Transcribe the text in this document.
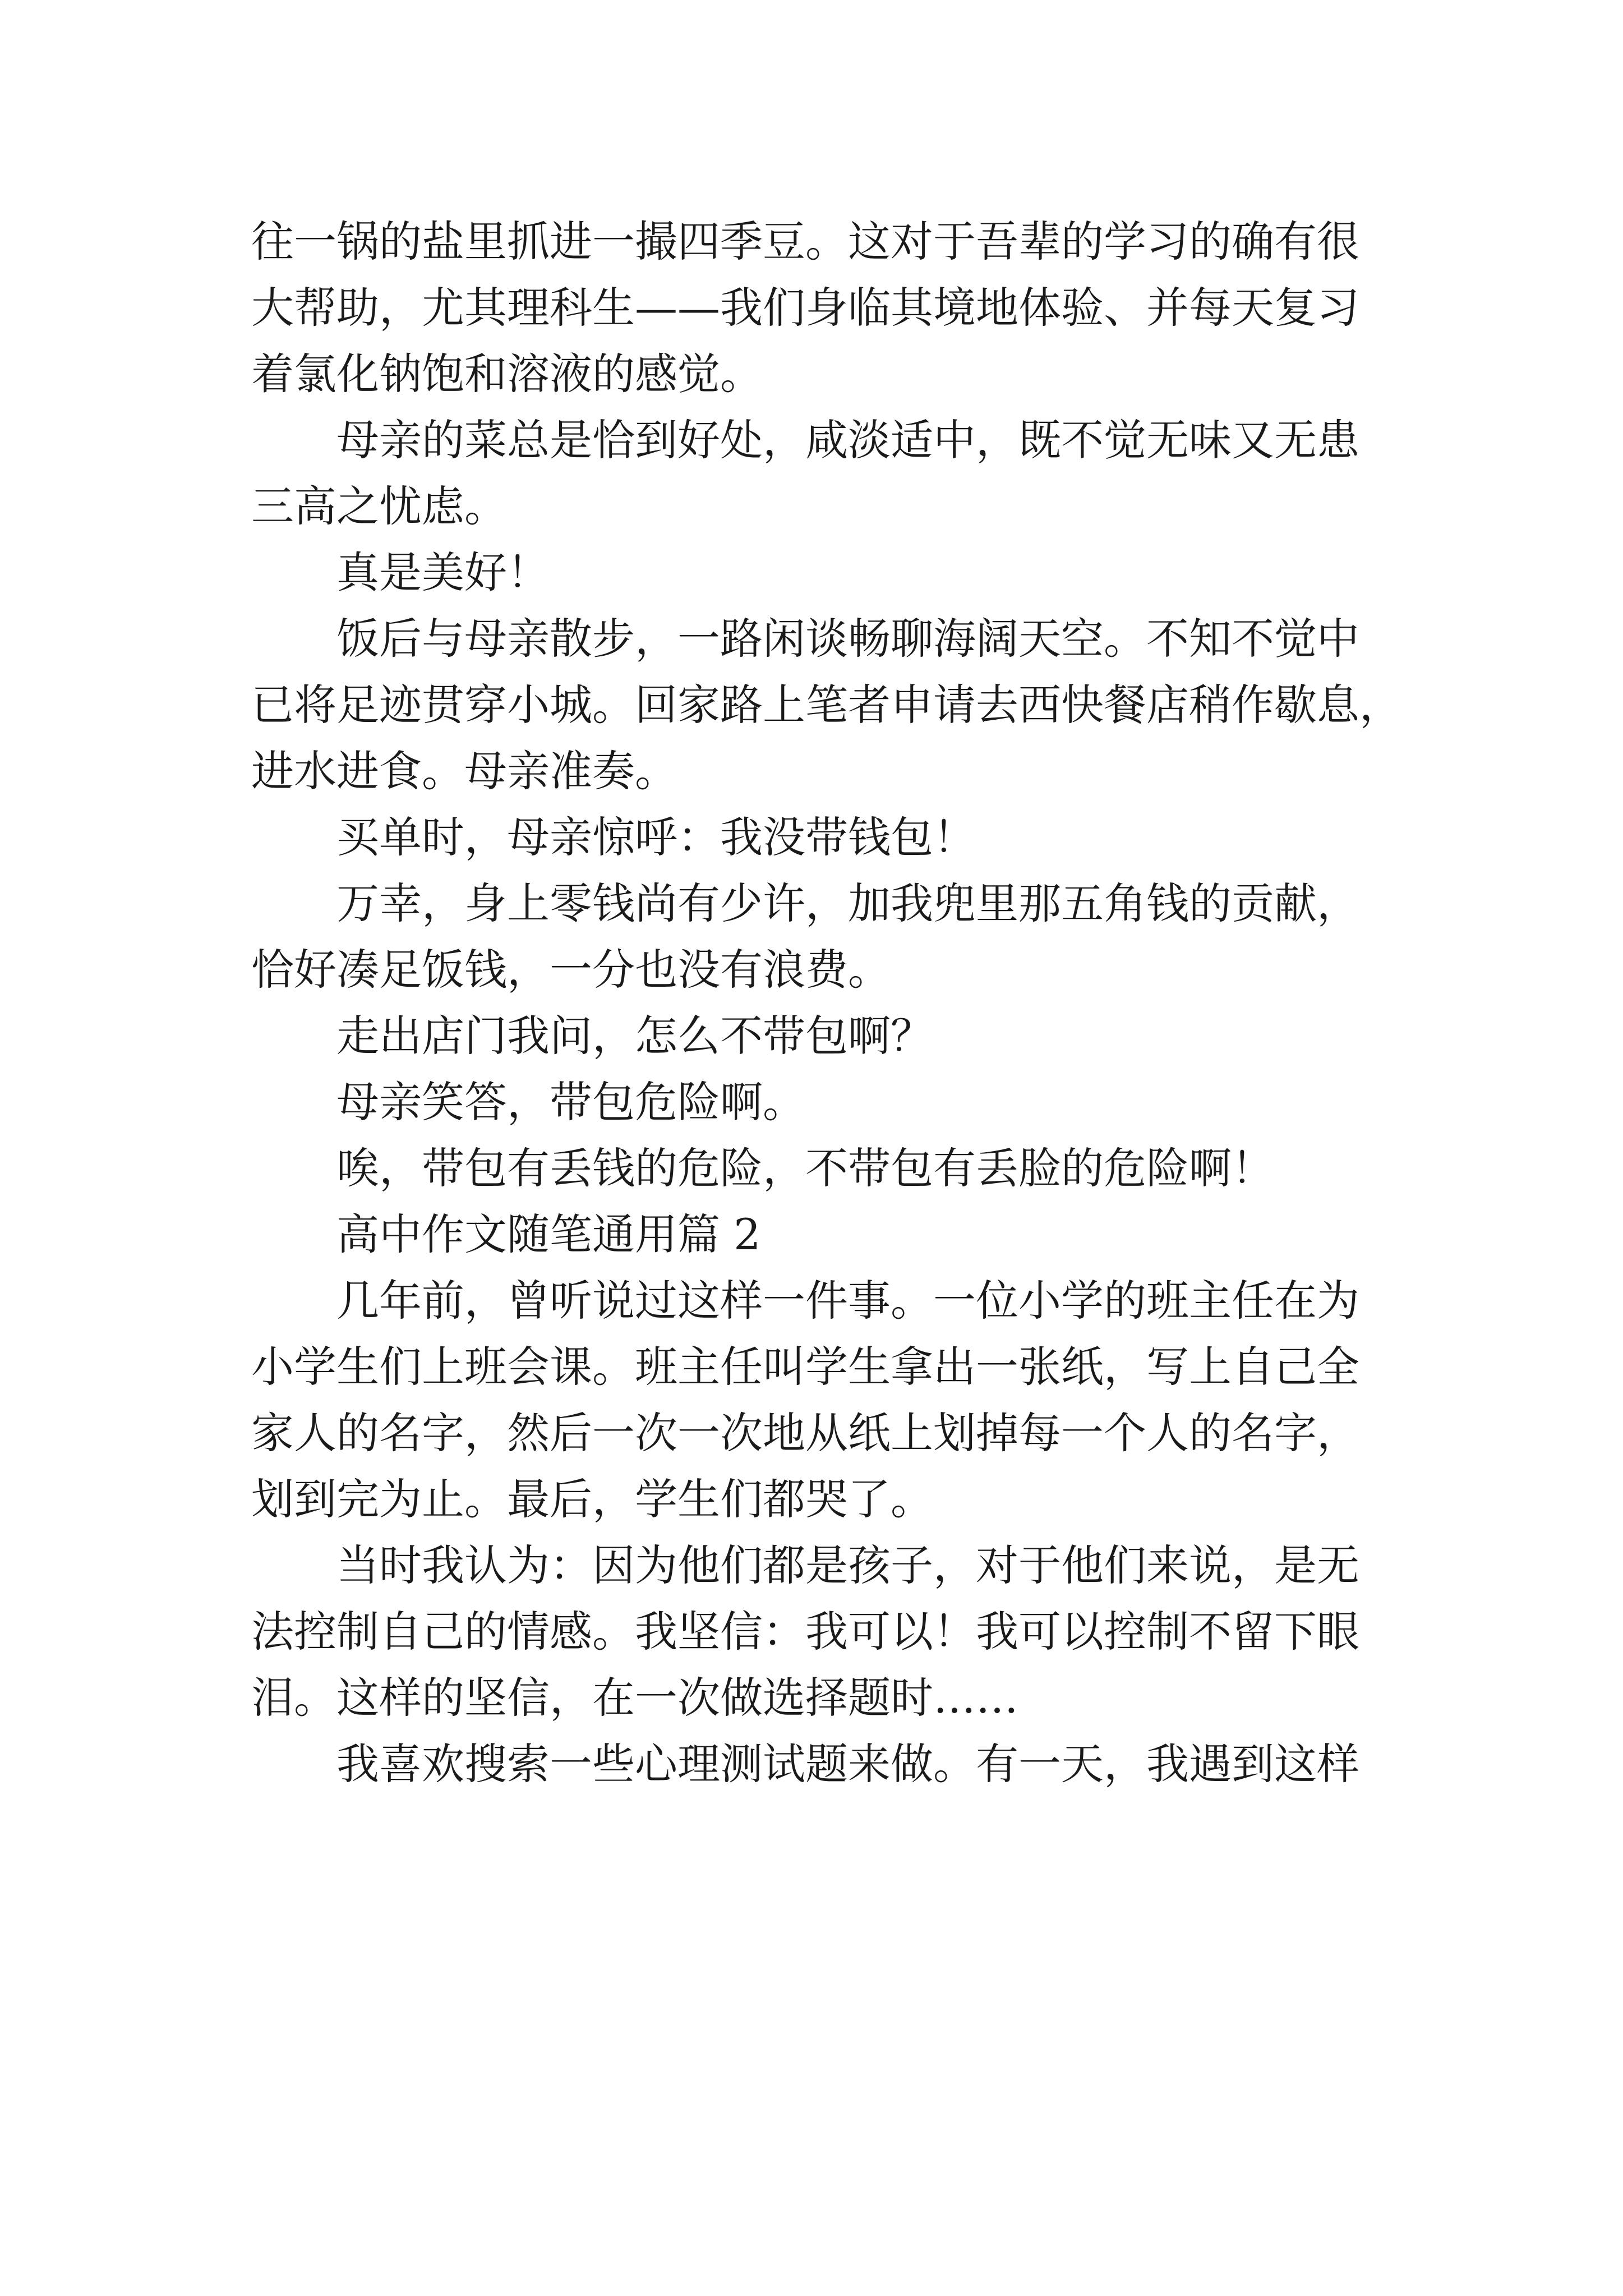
往一锅的盐里抓进一撮四季豆。这对于吾辈的学习的确有很
大帮助，尤其理科生——我们身临其境地体验、并每天复习
着氯化钠饱和溶液的感觉。
母亲的菜总是恰到好处，咸淡适中，既不觉无味又无患
三高之忧虑。
真是美好！
饭后与母亲散步，一路闲谈畅聊海阔天空。不知不觉中
已将足迹贯穿小城。回家路上笔者申请去西快餐店稍作歇息，
进水进食。母亲准奏。
买单时，母亲惊呼：我没带钱包！
万幸，身上零钱尚有少许，加我兜里那五角钱的贡献，
恰好凑足饭钱，一分也没有浪费。
走出店门我问，怎么不带包啊？
母亲笑答，带包危险啊。
唉，带包有丢钱的危险，不带包有丢脸的危险啊！
高中作文随笔通用篇 2
几年前，曾听说过这样一件事。一位小学的班主任在为
小学生们上班会课。班主任叫学生拿出一张纸，写上自己全
家人的名字，然后一次一次地从纸上划掉每一个人的名字，
划到完为止。最后，学生们都哭了。
当时我认为：因为他们都是孩子，对于他们来说，是无
法控制自己的情感。我坚信：我可以！我可以控制不留下眼
泪。这样的坚信，在一次做选择题时……
我喜欢搜索一些心理测试题来做。有一天，我遇到这样
